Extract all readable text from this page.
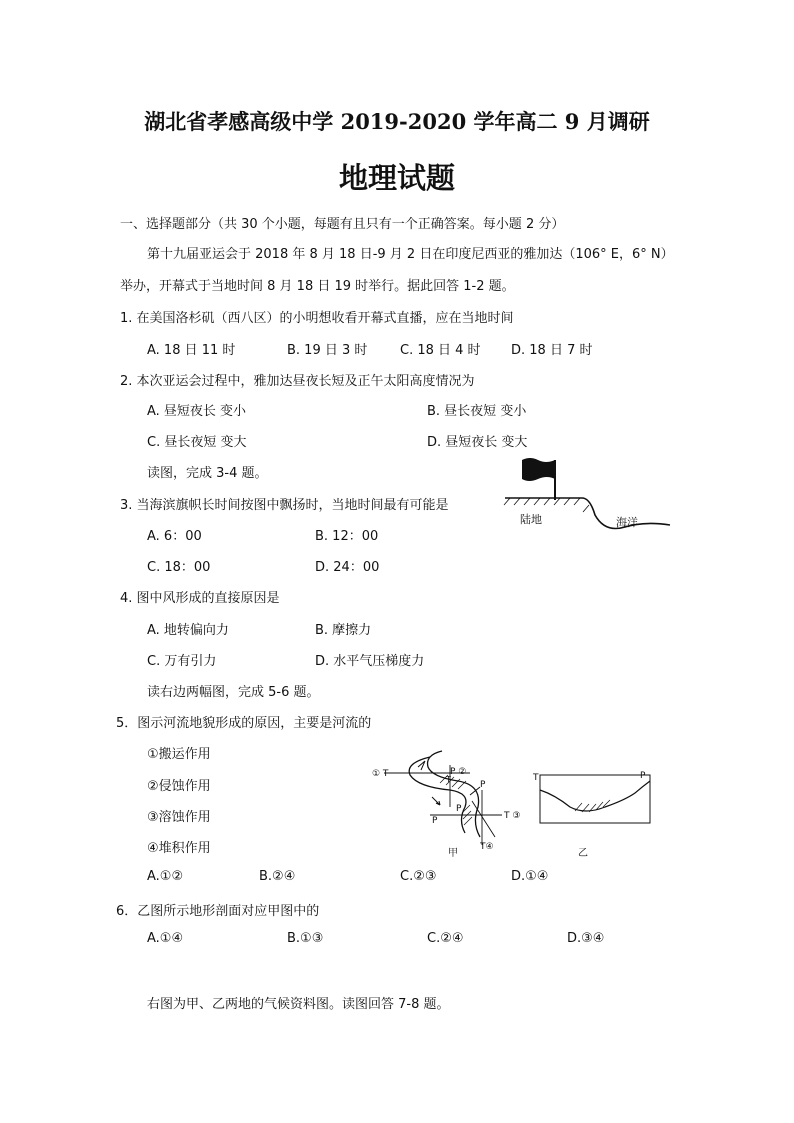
湖北省孝感高级中学 2019-2020 学年高二 9 月调研
地理试题
一、选择题部分（共 30 个小题，每题有且只有一个正确答案。每小题 2 分）
第十九届亚运会于 2018 年 8 月 18 日-9 月 2 日在印度尼西亚的雅加达（106° E，6° N）
举办，开幕式于当地时间 8 月 18 日 19 时举行。据此回答 1-2 题。
1. 在美国洛杉矶（西八区）的小明想收看开幕式直播，应在当地时间
A. 18 日 11 时	B. 19 日 3 时	C. 18 日 4 时 D. 18 日 7 时
2. 本次亚运会过程中，雅加达昼夜长短及正午太阳高度情况为
A. 昼短夜长 变小	B. 昼长夜短 变小
C. 昼长夜短 变大	D. 昼短夜长 变大
读图，完成 3-4 题。
3. 当海滨旗帜长时间按图中飘扬时，当地时间最有可能是
A. 6：00	B. 12：00
C. 18：00	D. 24：00
陆地	海洋
4. 图中风形成的直接原因是
A. 地转偏向力	B. 摩擦力
C. 万有引力	D. 水平气压梯度力
读右边两幅图，完成 5-6 题。
5．图示河流地貌形成的原因，主要是河流的
①搬运作用
②侵蚀作用
③溶蚀作用
④堆积作用
A.①②	B.②④	C.②③	D.①④
① T	P ②
T
P
T ③
T④
P
P
甲
T	P
乙
6．乙图所示地形剖面对应甲图中的
A.①④	B.①③	C.②④	D.③④
右图为甲、乙两地的气候资料图。读图回答 7-8 题。
